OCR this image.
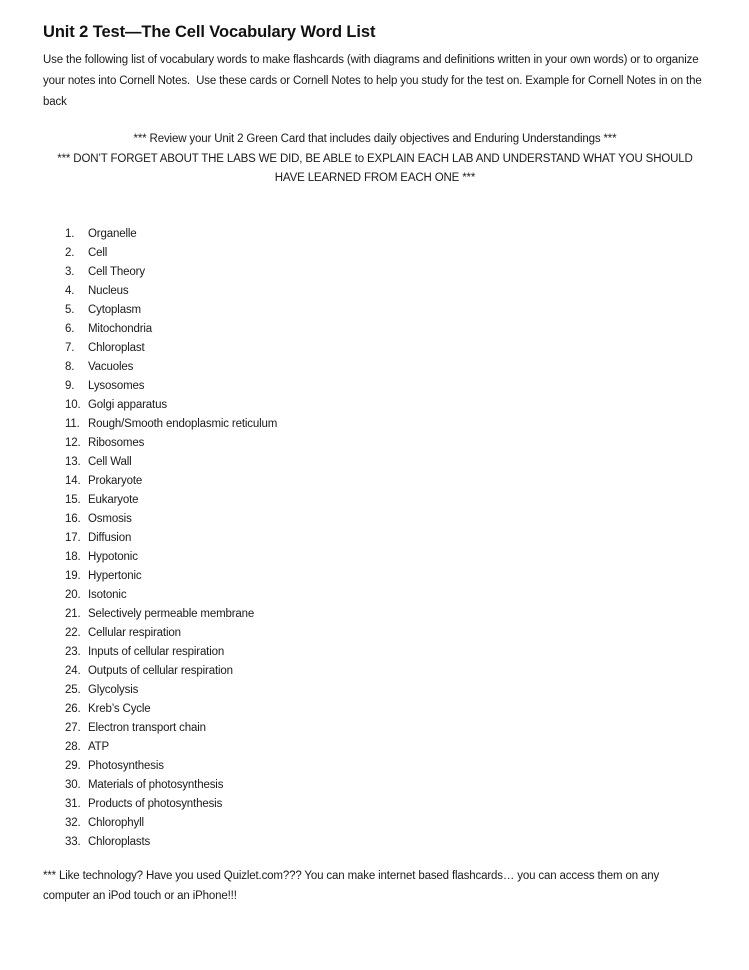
Unit 2 Test—The Cell Vocabulary Word List

Use the following list of vocabulary words to make flashcards (with diagrams and definitions written in your own words) or to organize your notes into Cornell Notes.  Use these cards or Cornell Notes to help you study for the test on. Example for Cornell Notes in on the back

*** Review your Unit 2 Green Card that includes daily objectives and Enduring Understandings ***

*** DON’T FORGET ABOUT THE LABS WE DID, BE ABLE to EXPLAIN EACH LAB AND UNDERSTAND WHAT YOU SHOULD HAVE LEARNED FROM EACH ONE ***

1.	Organelle
2.	Cell
3.	Cell Theory
4.	Nucleus
5.	Cytoplasm
6.	Mitochondria
7.	Chloroplast
8.	Vacuoles
9.	Lysosomes
10. Golgi apparatus
11. Rough/Smooth endoplasmic reticulum
12. Ribosomes
13. Cell Wall
14. Prokaryote
15. Eukaryote
16. Osmosis
17. Diffusion
18. Hypotonic
19. Hypertonic
20. Isotonic
21. Selectively permeable membrane
22. Cellular respiration
23. Inputs of cellular respiration
24. Outputs of cellular respiration
25. Glycolysis
26. Kreb’s Cycle
27. Electron transport chain
28. ATP
29. Photosynthesis
30. Materials of photosynthesis
31. Products of photosynthesis
32. Chlorophyll
33. Chloroplasts

*** Like technology? Have you used Quizlet.com??? You can make internet based flashcards… you can access them on any computer an iPod touch or an iPhone!!!
